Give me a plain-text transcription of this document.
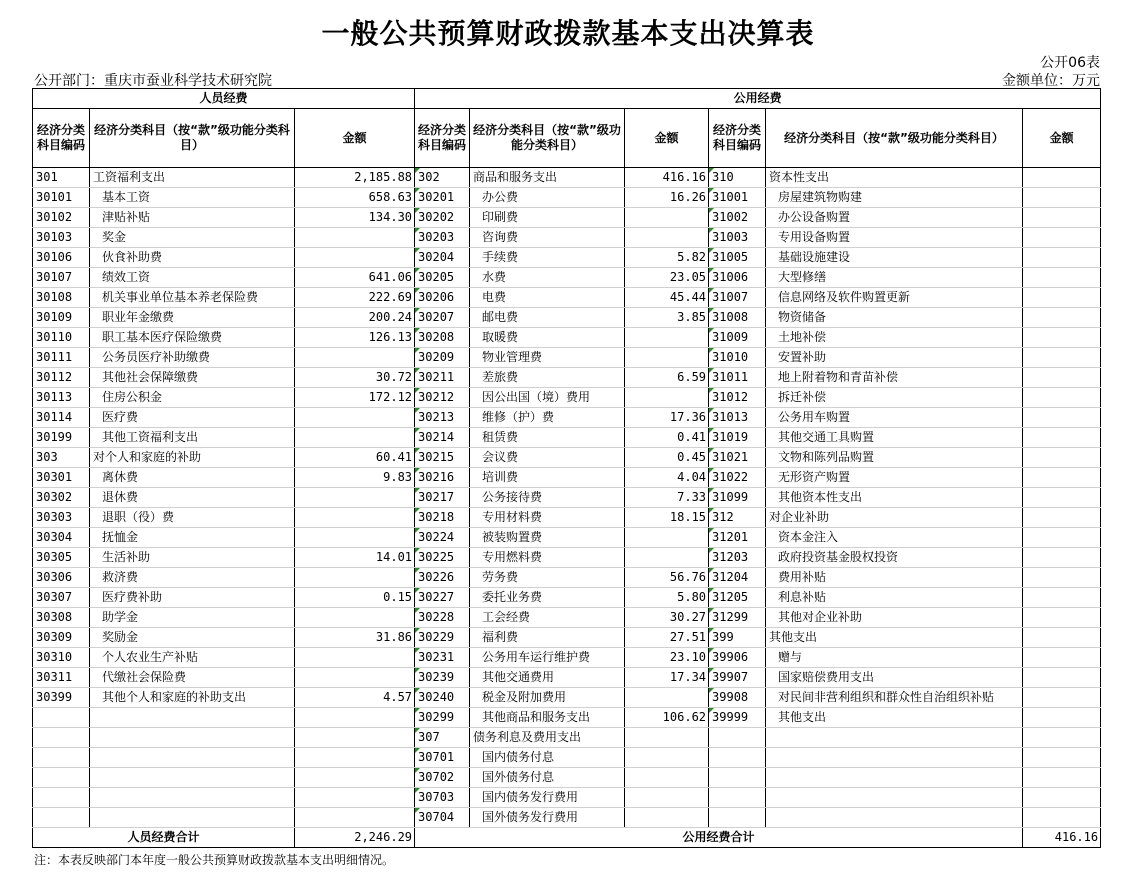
一般公共预算财政拨款基本支出决算表
公开06表
公开部门：重庆市蚕业科学技术研究院	金额单位：万元
人员经费			公用经费					
经济分类科目编码	经济分类科目（按“款”级功能分类科目）	金额	经济分类科目编码	经济分类科目（按“款”级功能分类科目）	金额	经济分类科目编码	经济分类科目（按“款”级功能分类科目）	金额
301	工资福利支出	2,185.88	302	商品和服务支出	416.16	310	资本性支出	
30101	基本工资	658.63	30201	办公费	16.26	31001	房屋建筑物购建	
30102	津贴补贴	134.30	30202	印刷费		31002	办公设备购置	
30103	奖金		30203	咨询费		31003	专用设备购置	
30106	伙食补助费		30204	手续费	5.82	31005	基础设施建设	
30107	绩效工资	641.06	30205	水费	23.05	31006	大型修缮	
30108	机关事业单位基本养老保险费	222.69	30206	电费	45.44	31007	信息网络及软件购置更新	
30109	职业年金缴费	200.24	30207	邮电费	3.85	31008	物资储备	
30110	职工基本医疗保险缴费	126.13	30208	取暖费		31009	土地补偿	
30111	公务员医疗补助缴费		30209	物业管理费		31010	安置补助	
30112	其他社会保障缴费	30.72	30211	差旅费	6.59	31011	地上附着物和青苗补偿	
30113	住房公积金	172.12	30212	因公出国（境）费用		31012	拆迁补偿	
30114	医疗费		30213	维修（护）费	17.36	31013	公务用车购置	
30199	其他工资福利支出		30214	租赁费	0.41	31019	其他交通工具购置	
303	对个人和家庭的补助	60.41	30215	会议费	0.45	31021	文物和陈列品购置	
30301	离休费	9.83	30216	培训费	4.04	31022	无形资产购置	
30302	退休费		30217	公务接待费	7.33	31099	其他资本性支出	
30303	退职（役）费		30218	专用材料费	18.15	312	对企业补助	
30304	抚恤金		30224	被装购置费		31201	资本金注入	
30305	生活补助	14.01	30225	专用燃料费		31203	政府投资基金股权投资	
30306	救济费		30226	劳务费	56.76	31204	费用补贴	
30307	医疗费补助	0.15	30227	委托业务费	5.80	31205	利息补贴	
30308	助学金		30228	工会经费	30.27	31299	其他对企业补助	
30309	奖励金	31.86	30229	福利费	27.51	399	其他支出	
30310	个人农业生产补贴		30231	公务用车运行维护费	23.10	39906	赠与	
30311	代缴社会保险费		30239	其他交通费用	17.34	39907	国家赔偿费用支出	
30399	其他个人和家庭的补助支出	4.57	30240	税金及附加费用		39908	对民间非营利组织和群众性自治组织补贴	
			30299	其他商品和服务支出	106.62	39999	其他支出	
			307	债务利息及费用支出				
			30701	国内债务付息				
			30702	国外债务付息				
			30703	国内债务发行费用				
			30704	国外债务发行费用				
人员经费合计		2,246.29	公用经费合计					416.16
注：本表反映部门本年度一般公共预算财政拨款基本支出明细情况。
